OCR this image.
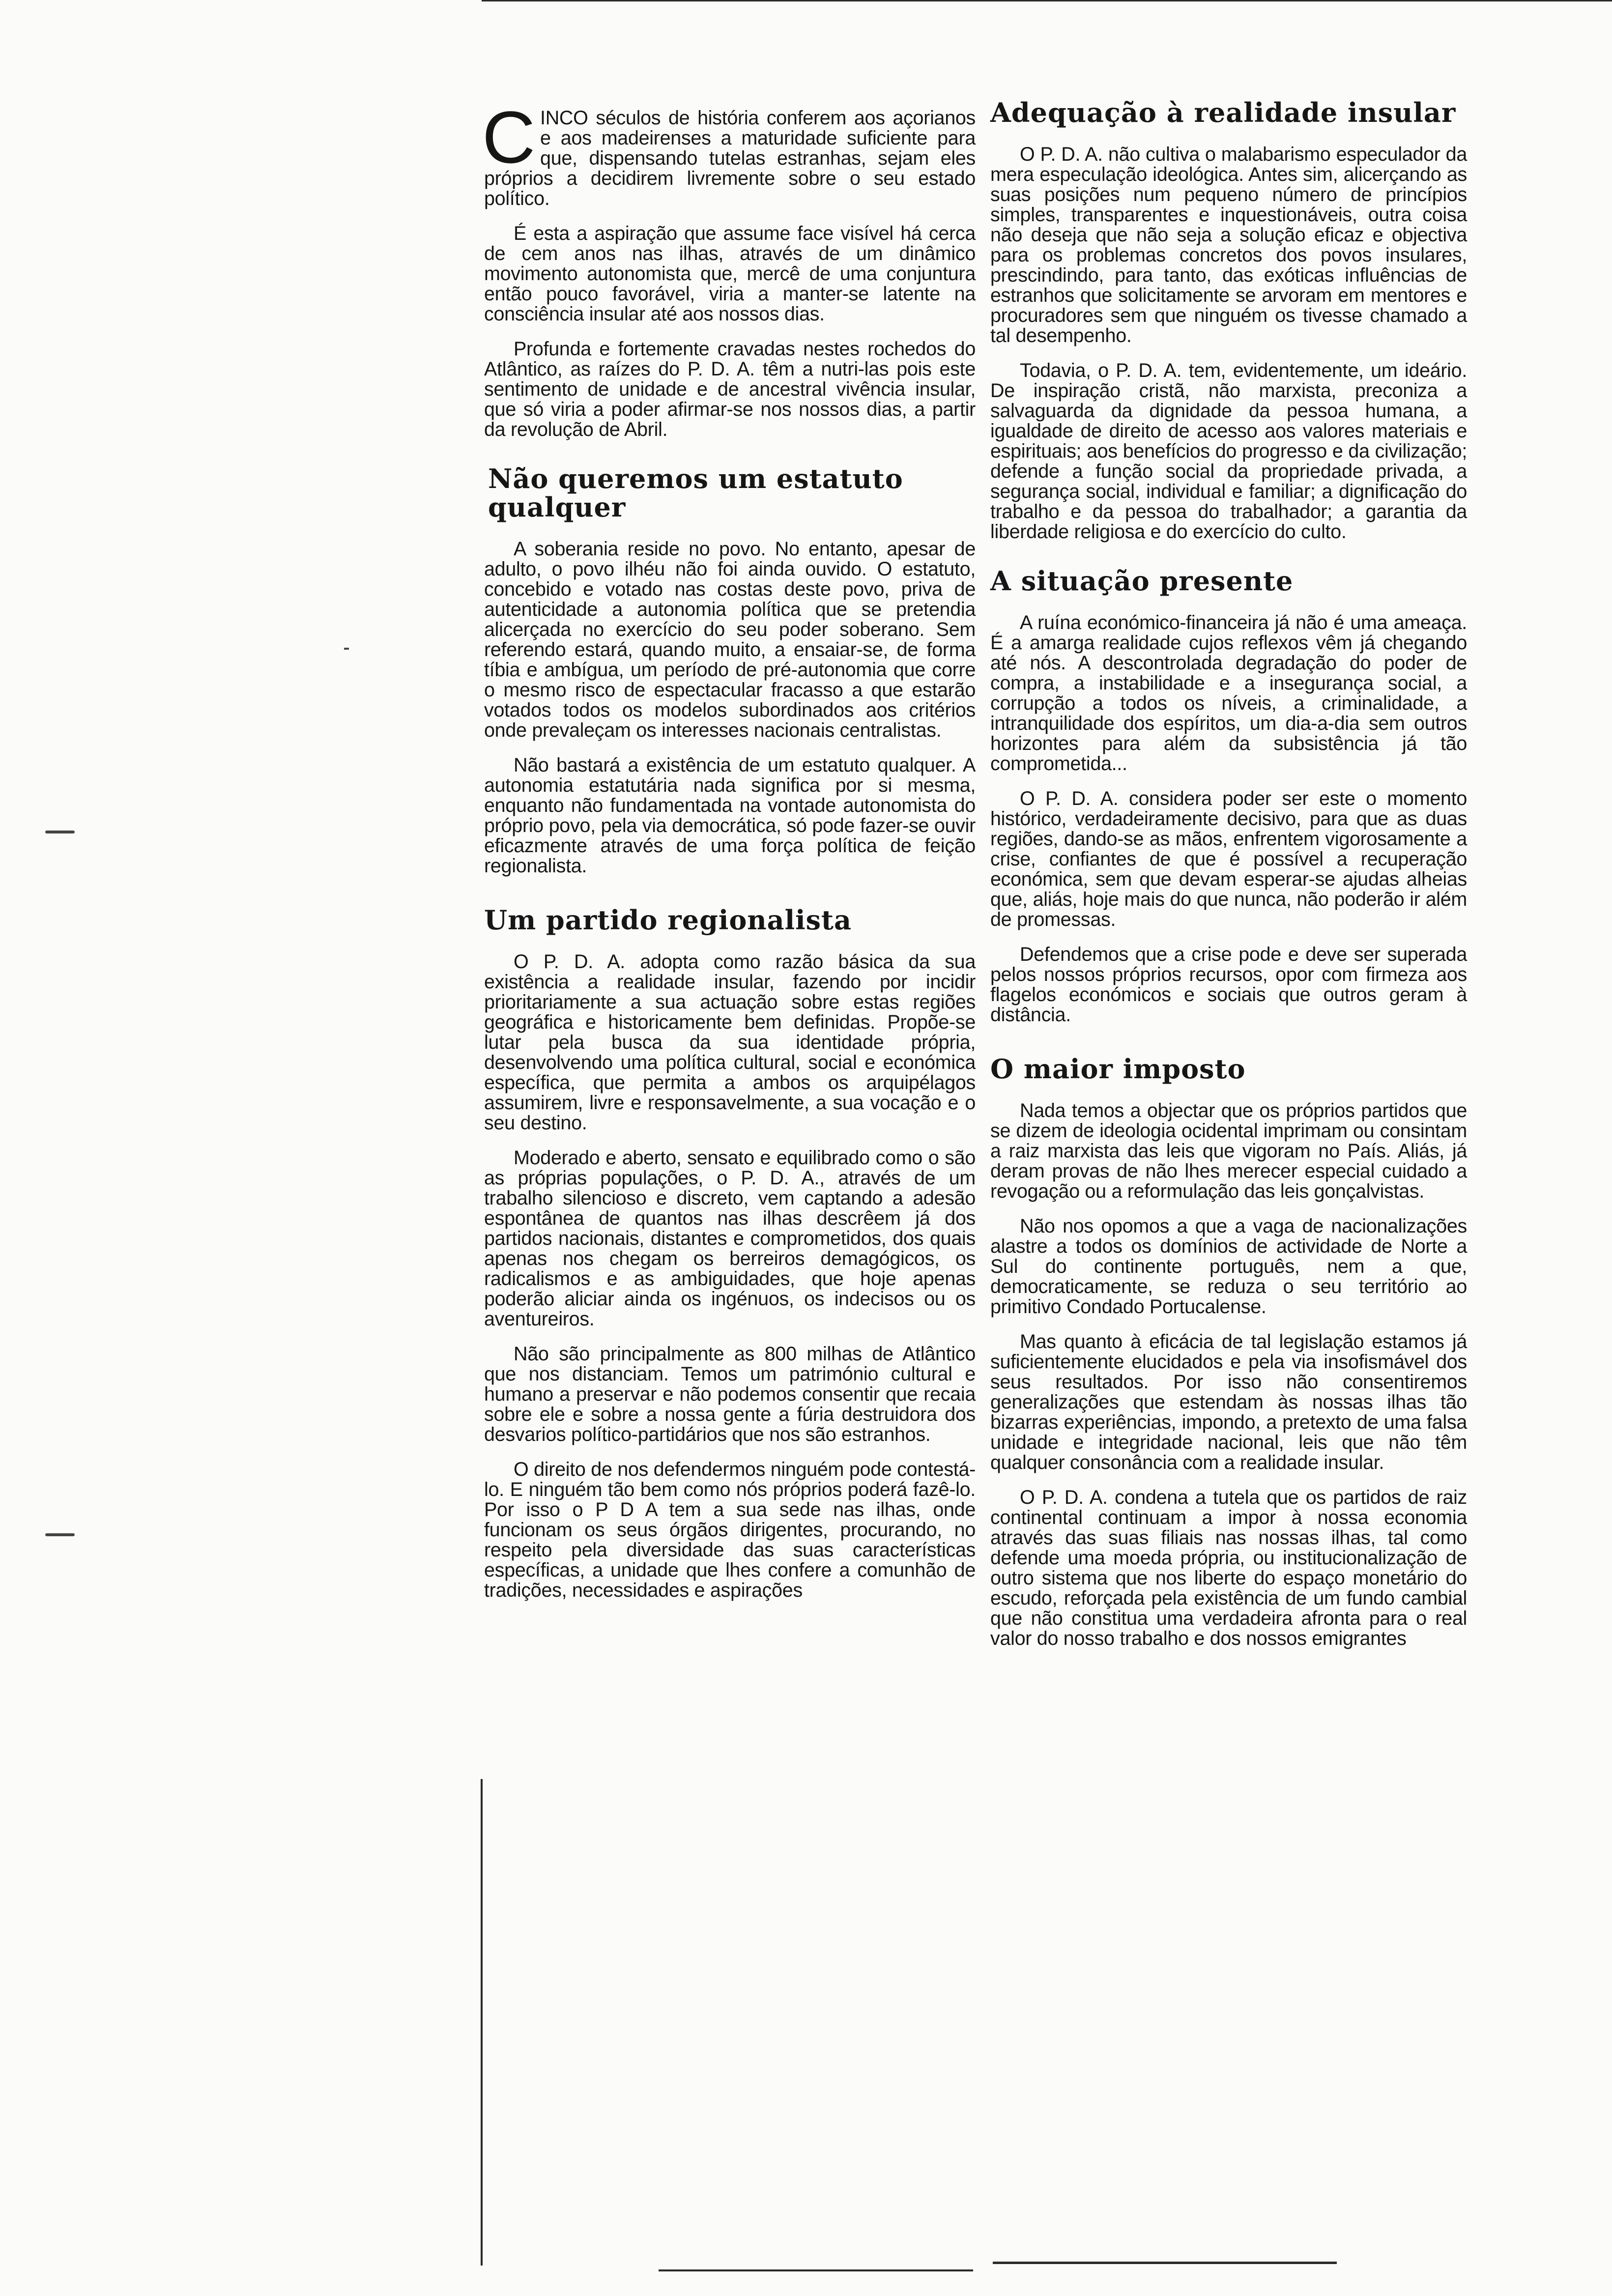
CINCO séculos de história conferem aos açorianos e aos madeirenses a maturidade suficiente para que, dispensando tutelas estranhas, sejam eles próprios a decidirem livremente sobre o seu estado político.

É esta a aspiração que assume face visível há cerca de cem anos nas ilhas, através de um dinâmico movimento autonomista que, mercê de uma conjuntura então pouco favorável, viria a manter-se latente na consciência insular até aos nossos dias.

Profunda e fortemente cravadas nestes rochedos do Atlântico, as raízes do P. D. A. têm a nutri-las pois este sentimento de unidade e de ancestral vivência insular, que só viria a poder afirmar-se nos nossos dias, a partir da revolução de Abril.

Não queremos um estatuto qualquer

A soberania reside no povo. No entanto, apesar de adulto, o povo ilhéu não foi ainda ouvido. O estatuto, concebido e votado nas costas deste povo, priva de autenticidade a autonomia política que se pretendia alicerçada no exercício do seu poder soberano. Sem referendo estará, quando muito, a ensaiar-se, de forma tíbia e ambígua, um período de pré-autonomia que corre o mesmo risco de espectacular fracasso a que estarão votados todos os modelos subordinados aos critérios onde prevaleçam os interesses nacionais centralistas.

Não bastará a existência de um estatuto qualquer. A autonomia estatutária nada significa por si mesma, enquanto não fundamentada na vontade autonomista do próprio povo, pela via democrática, só pode fazer-se ouvir eficazmente através de uma força política de feição regionalista.

Um partido regionalista

O P. D. A. adopta como razão básica da sua existência a realidade insular, fazendo por incidir prioritariamente a sua actuação sobre estas regiões geográfica e historicamente bem definidas. Propõe-se lutar pela busca da sua identidade própria, desenvolvendo uma política cultural, social e económica específica, que permita a ambos os arquipélagos assumirem, livre e responsavelmente, a sua vocação e o seu destino.

Moderado e aberto, sensato e equilibrado como o são as próprias populações, o P. D. A., através de um trabalho silencioso e discreto, vem captando a adesão espontânea de quantos nas ilhas descrêem já dos partidos nacionais, distantes e comprometidos, dos quais apenas nos chegam os berreiros demagógicos, os radicalismos e as ambiguidades, que hoje apenas poderão aliciar ainda os ingénuos, os indecisos ou os aventureiros.

Não são principalmente as 800 milhas de Atlântico que nos distanciam. Temos um património cultural e humano a preservar e não podemos consentir que recaia sobre ele e sobre a nossa gente a fúria destruidora dos desvarios político-partidários que nos são estranhos.

O direito de nos defendermos ninguém pode contestá-lo. E ninguém tão bem como nós próprios poderá fazê-lo. Por isso o P D A tem a sua sede nas ilhas, onde funcionam os seus órgãos dirigentes, procurando, no respeito pela diversidade das suas características específicas, a unidade que lhes confere a comunhão de tradições, necessidades e aspirações

Adequação à realidade insular

O P. D. A. não cultiva o malabarismo especulador da mera especulação ideológica. Antes sim, alicerçando as suas posições num pequeno número de princípios simples, transparentes e inquestionáveis, outra coisa não deseja que não seja a solução eficaz e objectiva para os problemas concretos dos povos insulares, prescindindo, para tanto, das exóticas influências de estranhos que solicitamente se arvoram em mentores e procuradores sem que ninguém os tivesse chamado a tal desempenho.

Todavia, o P. D. A. tem, evidentemente, um ideário. De inspiração cristã, não marxista, preconiza a salvaguarda da dignidade da pessoa humana, a igualdade de direito de acesso aos valores materiais e espirituais; aos benefícios do progresso e da civilização; defende a função social da propriedade privada, a segurança social, individual e familiar; a dignificação do trabalho e da pessoa do trabalhador; a garantia da liberdade religiosa e do exercício do culto.

A situação presente

A ruína económico-financeira já não é uma ameaça. É a amarga realidade cujos reflexos vêm já chegando até nós. A descontrolada degradação do poder de compra, a instabilidade e a insegurança social, a corrupção a todos os níveis, a criminalidade, a intranquilidade dos espíritos, um dia-a-dia sem outros horizontes para além da subsistência já tão comprometida...

O P. D. A. considera poder ser este o momento histórico, verdadeiramente decisivo, para que as duas regiões, dando-se as mãos, enfrentem vigorosamente a crise, confiantes de que é possível a recuperação económica, sem que devam esperar-se ajudas alheias que, aliás, hoje mais do que nunca, não poderão ir além de promessas.

Defendemos que a crise pode e deve ser superada pelos nossos próprios recursos, opor com firmeza aos flagelos económicos e sociais que outros geram à distância.

O maior imposto

Nada temos a objectar que os próprios partidos que se dizem de ideologia ocidental imprimam ou consintam a raiz marxista das leis que vigoram no País. Aliás, já deram provas de não lhes merecer especial cuidado a revogação ou a reformulação das leis gonçalvistas.

Não nos opomos a que a vaga de nacionalizações alastre a todos os domínios de actividade de Norte a Sul do continente português, nem a que, democraticamente, se reduza o seu território ao primitivo Condado Portucalense.

Mas quanto à eficácia de tal legislação estamos já suficientemente elucidados e pela via insofismável dos seus resultados. Por isso não consentiremos generalizações que estendam às nossas ilhas tão bizarras experiências, impondo, a pretexto de uma falsa unidade e integridade nacional, leis que não têm qualquer consonância com a realidade insular.

O P. D. A. condena a tutela que os partidos de raiz continental continuam a impor à nossa economia através das suas filiais nas nossas ilhas, tal como defende uma moeda própria, ou institucionalização de outro sistema que nos liberte do espaço monetário do escudo, reforçada pela existência de um fundo cambial que não constitua uma verdadeira afronta para o real valor do nosso trabalho e dos nossos emigrantes
